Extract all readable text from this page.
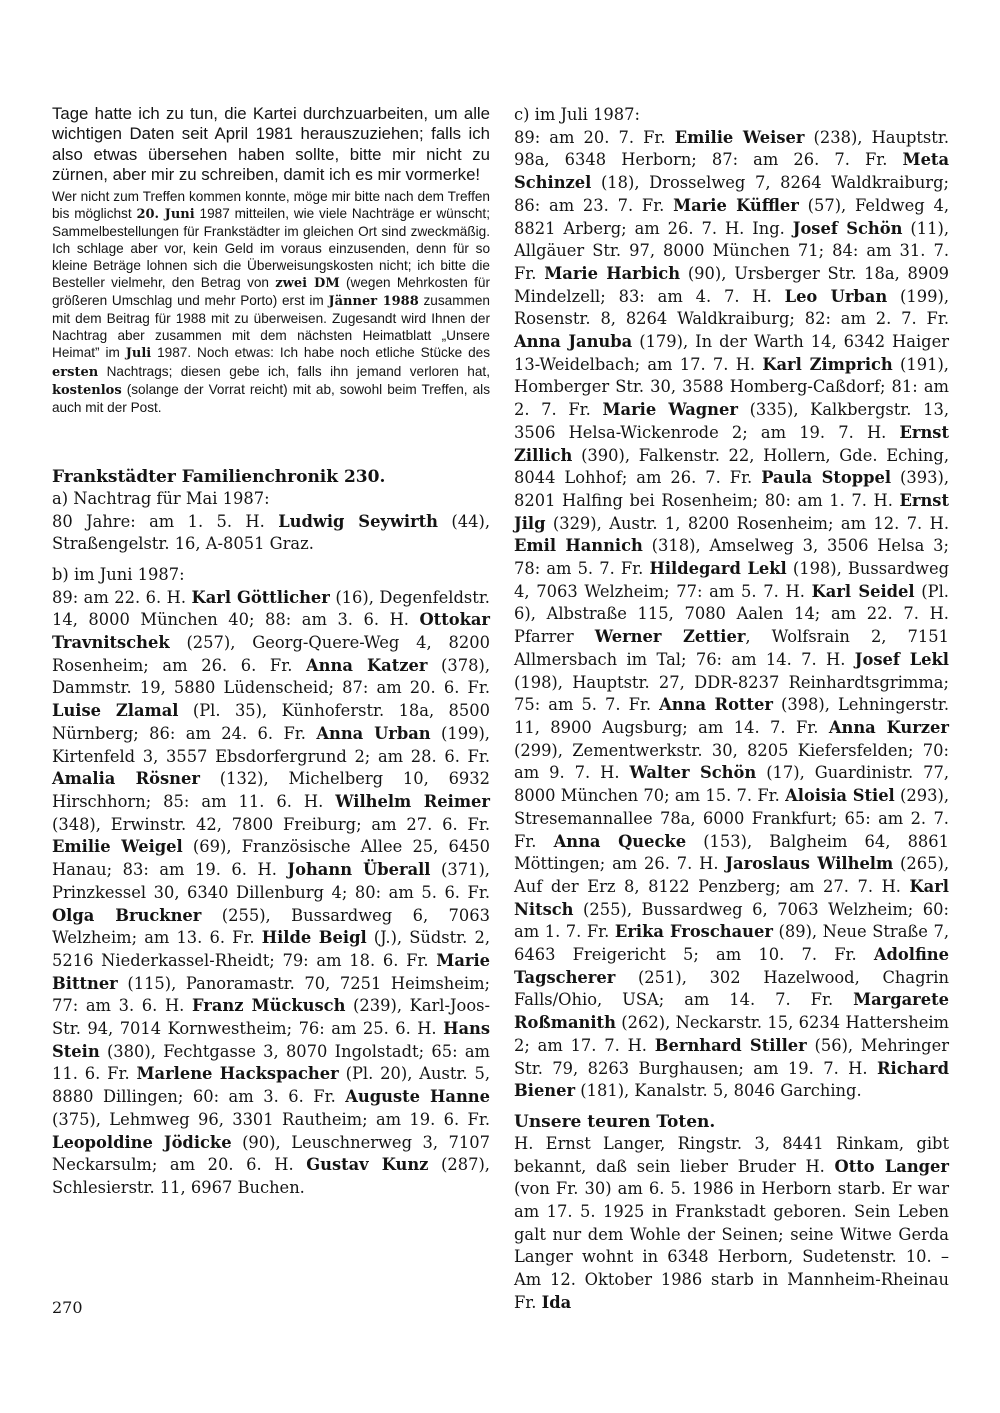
Tage hatte ich zu tun, die Kartei durchzuarbeiten, um alle wichtigen Daten seit April 1981 herauszuziehen; falls ich also etwas übersehen haben sollte, bitte mir nicht zu zürnen, aber mir zu schreiben, damit ich es mir vormerke!

Wer nicht zum Treffen kommen konnte, möge mir bitte nach dem Treffen bis möglichst 20. Juni 1987 mitteilen, wie viele Nachträge er wünscht; Sammelbestellungen für Frankstädter im gleichen Ort sind zweckmäßig. Ich schlage aber vor, kein Geld im voraus einzusenden, denn für so kleine Beträge lohnen sich die Überweisungskosten nicht; ich bitte die Besteller vielmehr, den Betrag von zwei DM (wegen Mehrkosten für größeren Umschlag und mehr Porto) erst im Jänner 1988 zusammen mit dem Beitrag für 1988 mit zu überweisen. Zugesandt wird Ihnen der Nachtrag aber zusammen mit dem nächsten Heimatblatt „Unsere Heimat” im Juli 1987. Noch etwas: Ich habe noch etliche Stücke des ersten Nachtrags; diesen gebe ich, falls ihn jemand verloren hat, kostenlos (solange der Vorrat reicht) mit ab, sowohl beim Treffen, als auch mit der Post.

Frankstädter Familienchronik 230.

a) Nachtrag für Mai 1987:

80 Jahre: am 1. 5. H. Ludwig Seywirth (44), Straßengelstr. 16, A-8051 Graz.

b) im Juni 1987:

89: am 22. 6. H. Karl Göttlicher (16), Degenfeldstr. 14, 8000 München 40; 88: am 3. 6. H. Ottokar Travnitschek (257), Georg-Quere-Weg 4, 8200 Rosenheim; am 26. 6. Fr. Anna Katzer (378), Dammstr. 19, 5880 Lüdenscheid; 87: am 20. 6. Fr. Luise Zlamal (Pl. 35), Künhoferstr. 18a, 8500 Nürnberg; 86: am 24. 6. Fr. Anna Urban (199), Kirtenfeld 3, 3557 Ebsdorfergrund 2; am 28. 6. Fr. Amalia Rösner (132), Michelberg 10, 6932 Hirschhorn; 85: am 11. 6. H. Wilhelm Reimer (348), Erwinstr. 42, 7800 Freiburg; am 27. 6. Fr. Emilie Weigel (69), Französische Allee 25, 6450 Hanau; 83: am 19. 6. H. Johann Überall (371), Prinzkessel 30, 6340 Dillenburg 4; 80: am 5. 6. Fr. Olga Bruckner (255), Bussardweg 6, 7063 Welzheim; am 13. 6. Fr. Hilde Beigl (J.), Südstr. 2, 5216 Niederkassel-Rheidt; 79: am 18. 6. Fr. Marie Bittner (115), Panoramastr. 70, 7251 Heimsheim; 77: am 3. 6. H. Franz Mückusch (239), Karl-Joos-Str. 94, 7014 Kornwestheim; 76: am 25. 6. H. Hans Stein (380), Fechtgasse 3, 8070 Ingolstadt; 65: am 11. 6. Fr. Marlene Hackspacher (Pl. 20), Austr. 5, 8880 Dillingen; 60: am 3. 6. Fr. Auguste Hanne (375), Lehmweg 96, 3301 Rautheim; am 19. 6. Fr. Leopoldine Jödicke (90), Leuschnerweg 3, 7107 Neckarsulm; am 20. 6. H. Gustav Kunz (287), Schlesierstr. 11, 6967 Buchen.

c) im Juli 1987:

89: am 20. 7. Fr. Emilie Weiser (238), Hauptstr. 98a, 6348 Herborn; 87: am 26. 7. Fr. Meta Schinzel (18), Drosselweg 7, 8264 Waldkraiburg; 86: am 23. 7. Fr. Marie Küffler (57), Feldweg 4, 8821 Arberg; am 26. 7. H. Ing. Josef Schön (11), Allgäuer Str. 97, 8000 München 71; 84: am 31. 7. Fr. Marie Harbich (90), Ursberger Str. 18a, 8909 Mindelzell; 83: am 4. 7. H. Leo Urban (199), Rosenstr. 8, 8264 Waldkraiburg; 82: am 2. 7. Fr. Anna Januba (179), In der Warth 14, 6342 Haiger 13-Weidelbach; am 17. 7. H. Karl Zimprich (191), Homberger Str. 30, 3588 Homberg-Caßdorf; 81: am 2. 7. Fr. Marie Wagner (335), Kalkbergstr. 13, 3506 Helsa-Wickenrode 2; am 19. 7. H. Ernst Zillich (390), Falkenstr. 22, Hollern, Gde. Eching, 8044 Lohhof; am 26. 7. Fr. Paula Stoppel (393), 8201 Halfing bei Rosenheim; 80: am 1. 7. H. Ernst Jilg (329), Austr. 1, 8200 Rosenheim; am 12. 7. H. Emil Hannich (318), Amselweg 3, 3506 Helsa 3; 78: am 5. 7. Fr. Hildegard Lekl (198), Bussardweg 4, 7063 Welzheim; 77: am 5. 7. H. Karl Seidel (Pl. 6), Albstraße 115, 7080 Aalen 14; am 22. 7. H. Pfarrer Werner Zettier, Wolfsrain 2, 7151 Allmersbach im Tal; 76: am 14. 7. H. Josef Lekl (198), Hauptstr. 27, DDR-8237 Reinhardtsgrimma; 75: am 5. 7. Fr. Anna Rotter (398), Lehningerstr. 11, 8900 Augsburg; am 14. 7. Fr. Anna Kurzer (299), Zementwerkstr. 30, 8205 Kiefersfelden; 70: am 9. 7. H. Walter Schön (17), Guardinistr. 77, 8000 München 70; am 15. 7. Fr. Aloisia Stiel (293), Stresemannallee 78a, 6000 Frankfurt; 65: am 2. 7. Fr. Anna Quecke (153), Balgheim 64, 8861 Möttingen; am 26. 7. H. Jaroslaus Wilhelm (265), Auf der Erz 8, 8122 Penzberg; am 27. 7. H. Karl Nitsch (255), Bussardweg 6, 7063 Welzheim; 60: am 1. 7. Fr. Erika Froschauer (89), Neue Straße 7, 6463 Freigericht 5; am 10. 7. Fr. Adolfine Tagscherer (251), 302 Hazelwood, Chagrin Falls/Ohio, USA; am 14. 7. Fr. Margarete Roßmanith (262), Neckarstr. 15, 6234 Hattersheim 2; am 17. 7. H. Bernhard Stiller (56), Mehringer Str. 79, 8263 Burghausen; am 19. 7. H. Richard Biener (181), Kanalstr. 5, 8046 Garching.

Unsere teuren Toten.

H. Ernst Langer, Ringstr. 3, 8441 Rinkam, gibt bekannt, daß sein lieber Bruder H. Otto Langer (von Fr. 30) am 6. 5. 1986 in Herborn starb. Er war am 17. 5. 1925 in Frankstadt geboren. Sein Leben galt nur dem Wohle der Seinen; seine Witwe Gerda Langer wohnt in 6348 Herborn, Sudetenstr. 10. – Am 12. Oktober 1986 starb in Mannheim-Rheinau Fr. Ida

270
